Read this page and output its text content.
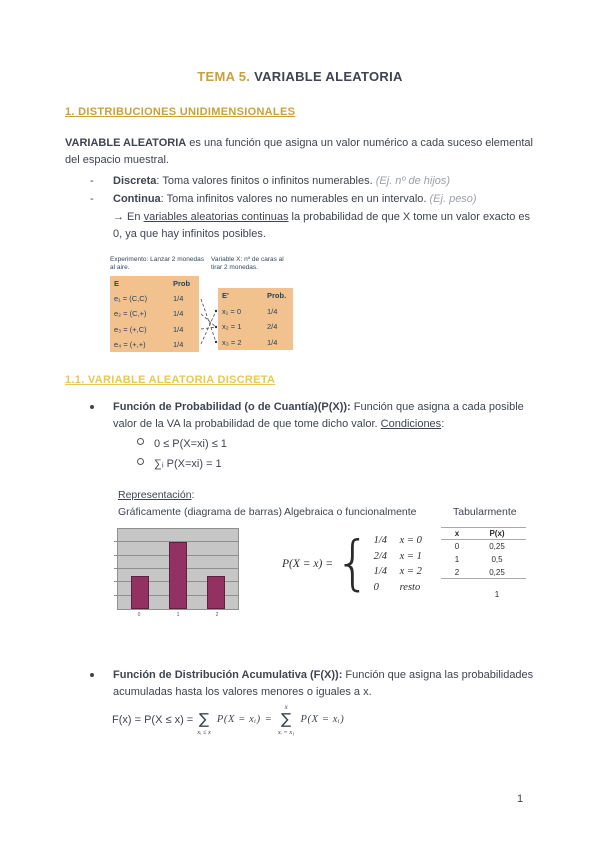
TEMA 5. VARIABLE ALEATORIA
1. DISTRIBUCIONES UNIDIMENSIONALES
VARIABLE ALEATORIA es una función que asigna un valor numérico a cada suceso elemental del espacio muestral.
-	Discreta: Toma valores finitos o infinitos numerables. (Ej. nº de hijos)
-	Continua: Toma infinitos valores no numerables en un intervalo. (Ej. peso)
→ En variables aleatorias continuas la probabilidad de que X tome un valor exacto es 0, ya que hay infinitos posibles.
Experimento: Lanzar 2 monedas al aire.
Variable X: nº de caras al tirar 2 monedas.
E	Prob
e₁ = (C,C)	1/4
e₂ = (C,+)	1/4
e₃ = (+,C)	1/4
e₄ = (+,+)	1/4
E'	Prob.
x₁ = 0	1/4
x₂ = 1	2/4
x₃ = 2	1/4
1.1. VARIABLE ALEATORIA DISCRETA
Función de Probabilidad (o de Cuantía)(P(X)): Función que asigna a cada posible valor de la VA la probabilidad de que tome dicho valor. Condiciones:
0 ≤ P(X=xi) ≤ 1
∑ᵢ P(X=xi) = 1
Representación:
Gráficamente (diagrama de barras) Algebraica o funcionalmente	Tabularmente
0	1	2
P(X = x) = { 1/4	x = 0
2/4	x = 1
1/4	x = 2
0	resto
x	P(x)
0	0,25
1	0,5
2	0,25
1
Función de Distribución Acumulativa (F(X)): Función que asigna las probabilidades acumuladas hasta los valores menores o iguales a x.
F(x) = P(X ≤ x) = ∑
xᵢ ≤ x
P(X = xᵢ) =
x
∑
xᵢ = x₁
P(X = xᵢ)
1
